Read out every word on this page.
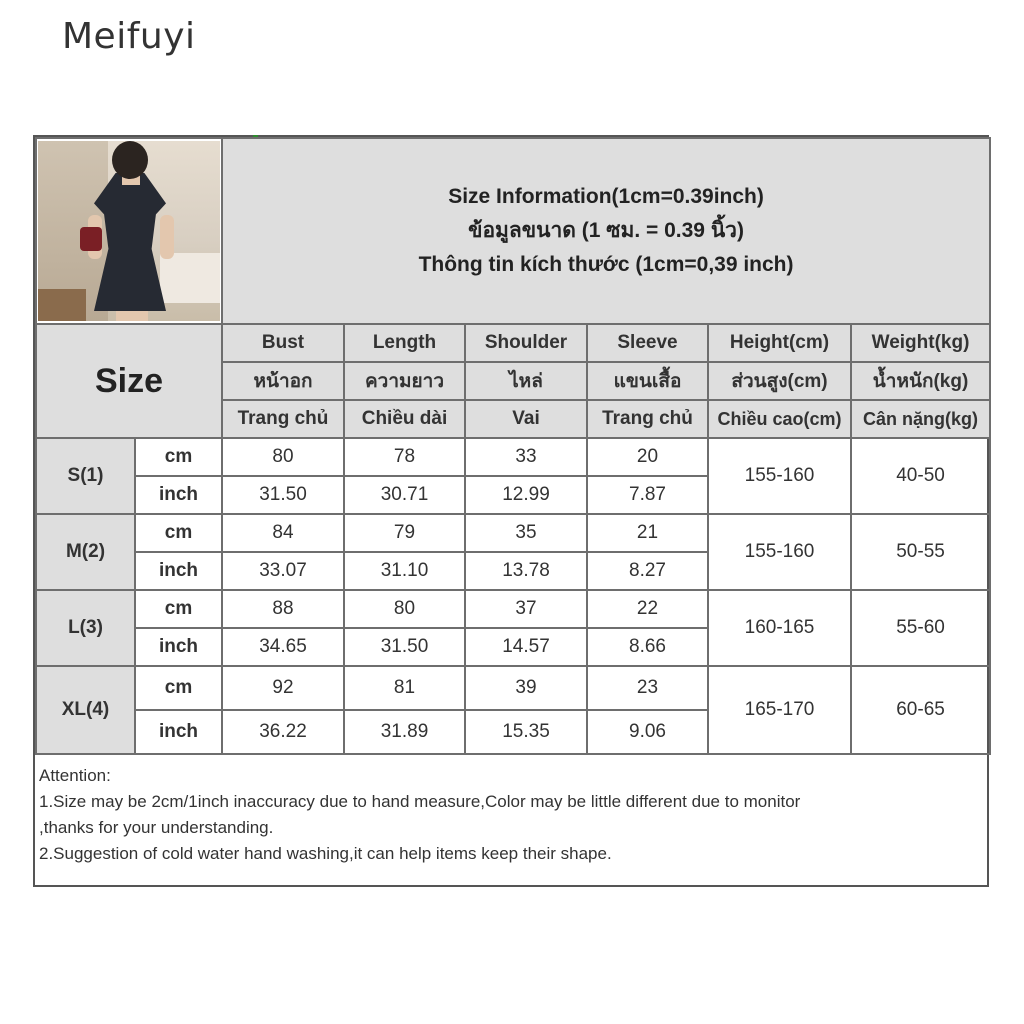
Meifuyi

		Size Information(1cm=0.39inch)
ข้อมูลขนาด (1 ซม. = 0.39 นิ้ว)
Thông tin kích thước (1cm=0,39 inch)					

Size		Bust	Length	Shoulder	Sleeve	Height(cm)	Weight(kg)
		หน้าอก	ความยาว	ไหล่	แขนเสื้อ	ส่วนสูง(cm)	น้ำหนัก(kg)
		Trang chủ	Chiều dài	Vai	Trang chủ	Chiều cao(cm)	Cân nặng(kg)
S(1)	cm	80	78	33	20	155-160	40-50
	inch	31.50	30.71	12.99	7.87		
M(2)	cm	84	79	35	21	155-160	50-55
	inch	33.07	31.10	13.78	8.27		
L(3)	cm	88	80	37	22	160-165	55-60
	inch	34.65	31.50	14.57	8.66		
XL(4)	cm	92	81	39	23	165-170	60-65
	inch	36.22	31.89	15.35	9.06		
Attention:
1.Size may be 2cm/1inch inaccuracy due to hand measure,Color may be little different due to monitor
,thanks for your understanding.
2.Suggestion of cold water hand washing,it can help items keep their shape.
